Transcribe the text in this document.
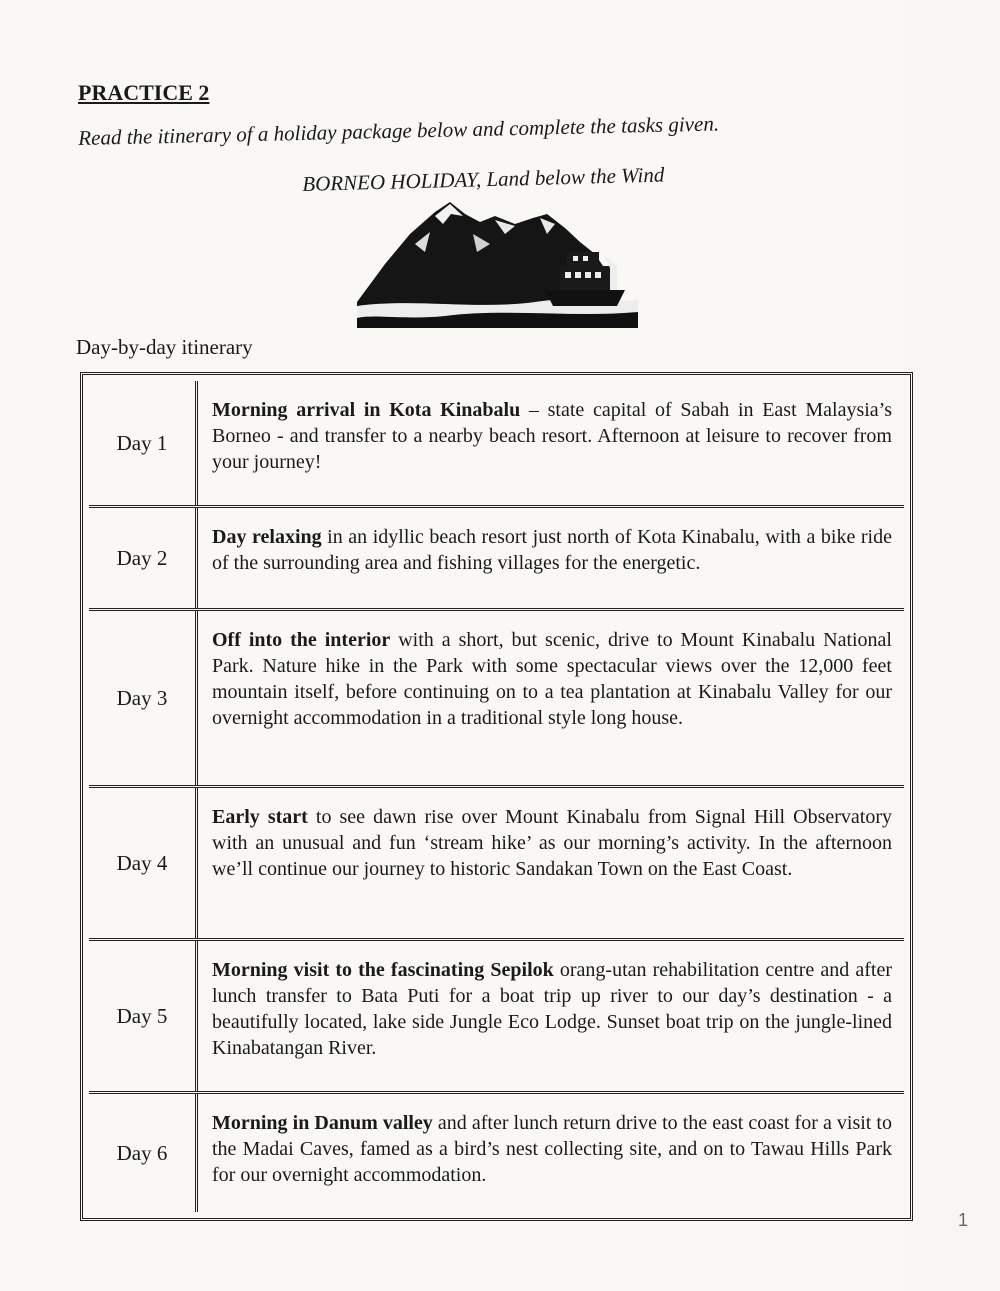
PRACTICE 2
Read the itinerary of a holiday package below and complete the tasks given.
BORNEO HOLIDAY, Land below the Wind
Day-by-day itinerary
Day 1
Morning arrival in Kota Kinabalu – state capital of Sabah in East Malaysia’s Borneo - and transfer to a nearby beach resort. Afternoon at leisure to recover from your journey!
Day 2
Day relaxing in an idyllic beach resort just north of Kota Kinabalu, with a bike ride of the surrounding area and fishing villages for the energetic.
Day 3
Off into the interior with a short, but scenic, drive to Mount Kinabalu National Park. Nature hike in the Park with some spectacular views over the 12,000 feet mountain itself, before continuing on to a tea plantation at Kinabalu Valley for our overnight accommodation in a traditional style long house.
Day 4
Early start to see dawn rise over Mount Kinabalu from Signal Hill Observatory with an unusual and fun ‘stream hike’ as our morning’s activity. In the afternoon we’ll continue our journey to historic Sandakan Town on the East Coast.
Day 5
Morning visit to the fascinating Sepilok orang-utan rehabilitation centre and after lunch transfer to Bata Puti for a boat trip up river to our day’s destination - a beautifully located, lake side Jungle Eco Lodge. Sunset boat trip on the jungle-lined Kinabatangan River.
Day 6
Morning in Danum valley and after lunch return drive to the east coast for a visit to the Madai Caves, famed as a bird’s nest collecting site, and on to Tawau Hills Park for our overnight accommodation.
1
